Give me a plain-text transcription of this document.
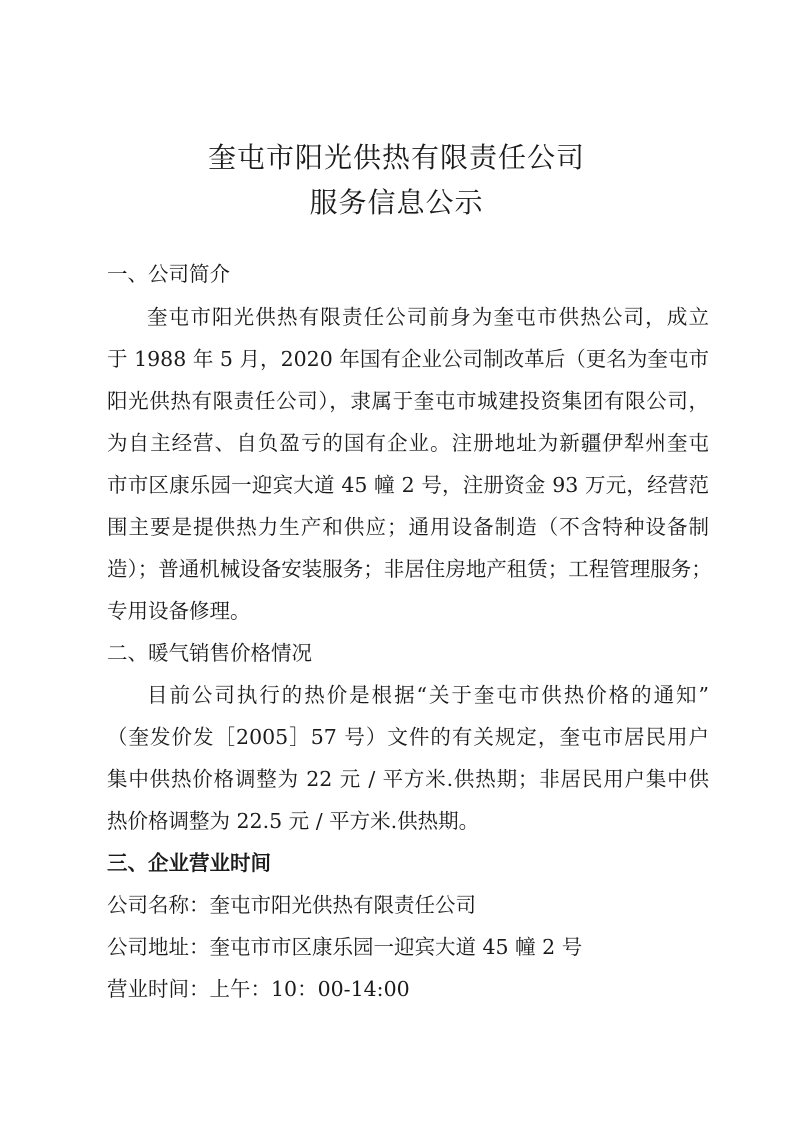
奎屯市阳光供热有限责任公司
服务信息公示
一、公司简介
奎屯市阳光供热有限责任公司前身为奎屯市供热公司，成立
于 1988 年 5 月，2020 年国有企业公司制改革后（更名为奎屯市
阳光供热有限责任公司），隶属于奎屯市城建投资集团有限公司，
为自主经营、自负盈亏的国有企业。注册地址为新疆伊犁州奎屯
市市区康乐园一迎宾大道 45 幢 2 号，注册资金 93 万元，经营范
围主要是提供热力生产和供应；通用设备制造（不含特种设备制
造）；普通机械设备安装服务；非居住房地产租赁；工程管理服务；
专用设备修理。
二、暖气销售价格情况
目前公司执行的热价是根据“关于奎屯市供热价格的通知”
（奎发价发［2005］57 号）文件的有关规定，奎屯市居民用户
集中供热价格调整为 22 元 / 平方米.供热期；非居民用户集中供
热价格调整为 22.5 元 / 平方米.供热期。
三、企业营业时间
公司名称：奎屯市阳光供热有限责任公司
公司地址：奎屯市市区康乐园一迎宾大道 45 幢 2 号
营业时间：上午：10：00-14:00
